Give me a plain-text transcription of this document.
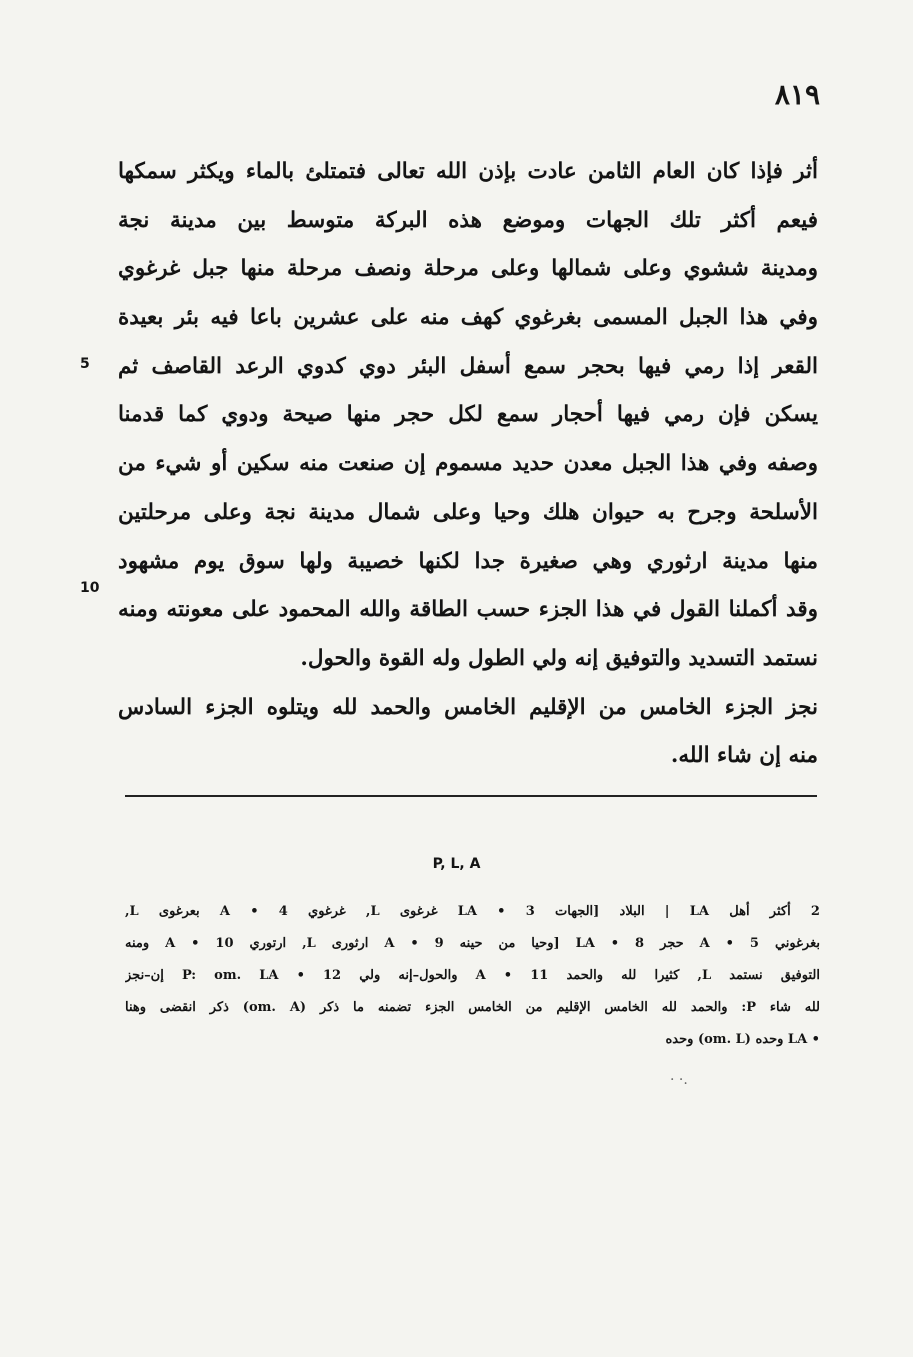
٨١٩
أثر فإذا كان العام الثامن عادت بإذن الله تعالى فتمتلئ بالماء ويكثر سمكها
فيعم أكثر تلك الجهات وموضع هذه البركة متوسط بين مدينة نجة
ومدينة ششوي وعلى شمالها وعلى مرحلة ونصف مرحلة منها جبل غرغوي
وفي هذا الجبل المسمى بغرغوي كهف منه على عشرين باعا فيه بئر بعيدة
القعر إذا رمي فيها بحجر سمع أسفل البئر دوي كدوي الرعد القاصف ثم
يسكن فإن رمي فيها أحجار سمع لكل حجر منها صيحة ودوي كما قدمنا
وصفه وفي هذا الجبل معدن حديد مسموم إن صنعت منه سكين أو شيء من
الأسلحة وجرح به حيوان هلك وحيا وعلى شمال مدينة نجة وعلى مرحلتين
منها مدينة ارثوري وهي صغيرة جدا لكنها خصيبة ولها سوق يوم مشهود
وقد أكملنا القول في هذا الجزء حسب الطاقة والله المحمود على معونته ومنه
نستمد التسديد والتوفيق إنه ولي الطول وله القوة والحول.
نجز الجزء الخامس من الإقليم الخامس والحمد لله ويتلوه الجزء السادس
منه إن شاء الله.
5
10
P, L, A
2 أكثر أهل LA | البلاد [الجهات LA • 3 غرغوى L, غرغوي A • 4 بعرغوى L,
بغرغوني A • 5 حجر LA • 8 [وحيا من حينه A • 9 ارثورى L, ارتوري A • 10 ومنه
التوفيق نستمد L, كثيرا لله والحمد A • 11 والحول–إنه ولي P: om. LA • 12 إن–نجز
لله شاء P: والحمد لله الخامس الإقليم من الخامس الجزء تضمنه ما ذكر (om. A) ذكر انقضى وهنا
• LA وحده (om. L) وحده
· ·.
